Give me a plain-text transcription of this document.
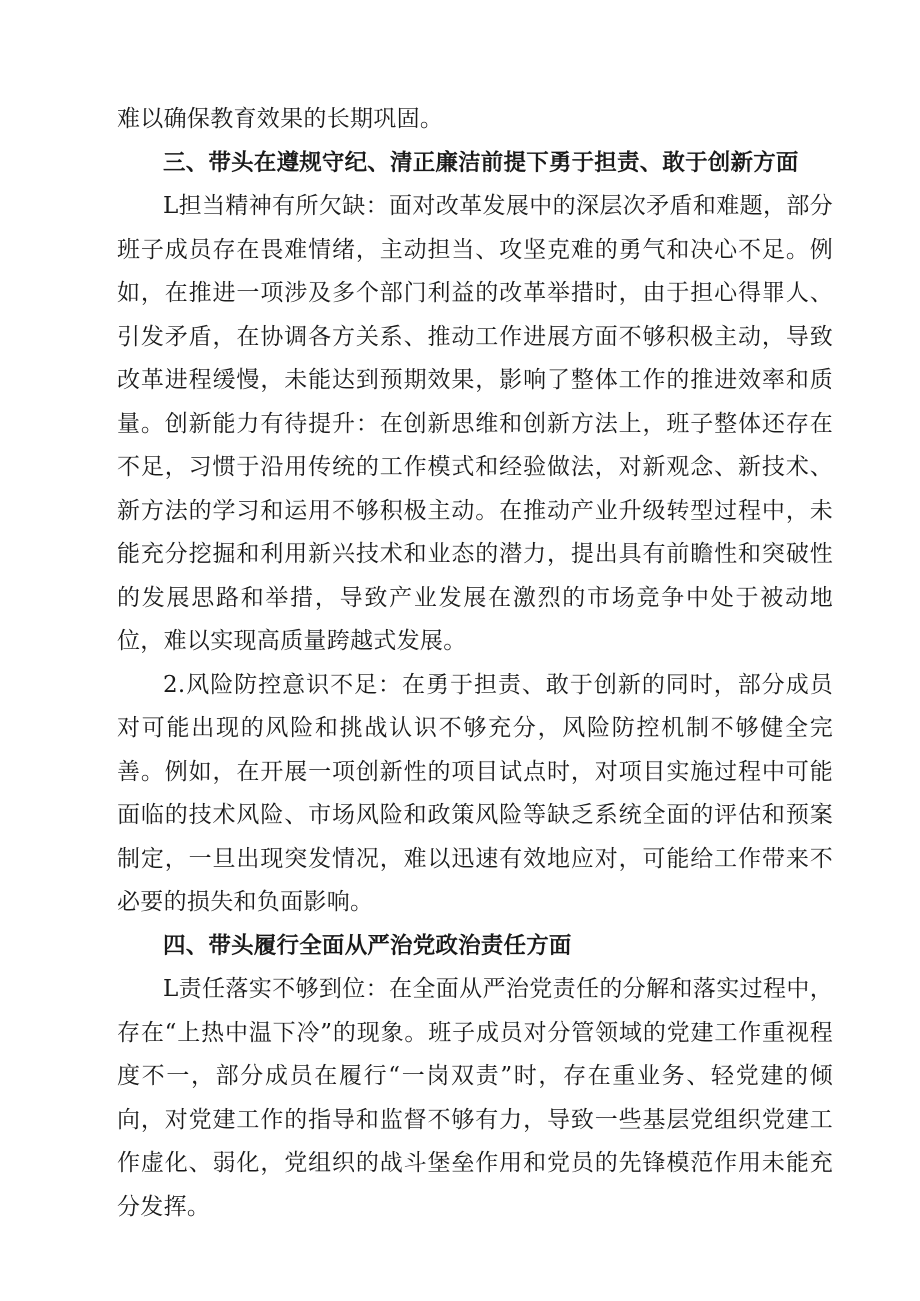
难以确保教育效果的长期巩固。

三、带头在遵规守纪、清正廉洁前提下勇于担责、敢于创新方面

L担当精神有所欠缺：面对改革发展中的深层次矛盾和难题，部分班子成员存在畏难情绪，主动担当、攻坚克难的勇气和决心不足。例如，在推进一项涉及多个部门利益的改革举措时，由于担心得罪人、引发矛盾，在协调各方关系、推动工作进展方面不够积极主动，导致改革进程缓慢，未能达到预期效果，影响了整体工作的推进效率和质量。创新能力有待提升：在创新思维和创新方法上，班子整体还存在不足，习惯于沿用传统的工作模式和经验做法，对新观念、新技术、新方法的学习和运用不够积极主动。在推动产业升级转型过程中，未能充分挖掘和利用新兴技术和业态的潜力，提出具有前瞻性和突破性的发展思路和举措，导致产业发展在激烈的市场竞争中处于被动地位，难以实现高质量跨越式发展。

2.风险防控意识不足：在勇于担责、敢于创新的同时，部分成员对可能出现的风险和挑战认识不够充分，风险防控机制不够健全完善。例如，在开展一项创新性的项目试点时，对项目实施过程中可能面临的技术风险、市场风险和政策风险等缺乏系统全面的评估和预案制定，一旦出现突发情况，难以迅速有效地应对，可能给工作带来不必要的损失和负面影响。

四、带头履行全面从严治党政治责任方面

L责任落实不够到位：在全面从严治党责任的分解和落实过程中，存在“上热中温下冷”的现象。班子成员对分管领域的党建工作重视程度不一，部分成员在履行“一岗双责”时，存在重业务、轻党建的倾向，对党建工作的指导和监督不够有力，导致一些基层党组织党建工作虚化、弱化，党组织的战斗堡垒作用和党员的先锋模范作用未能充分发挥。
